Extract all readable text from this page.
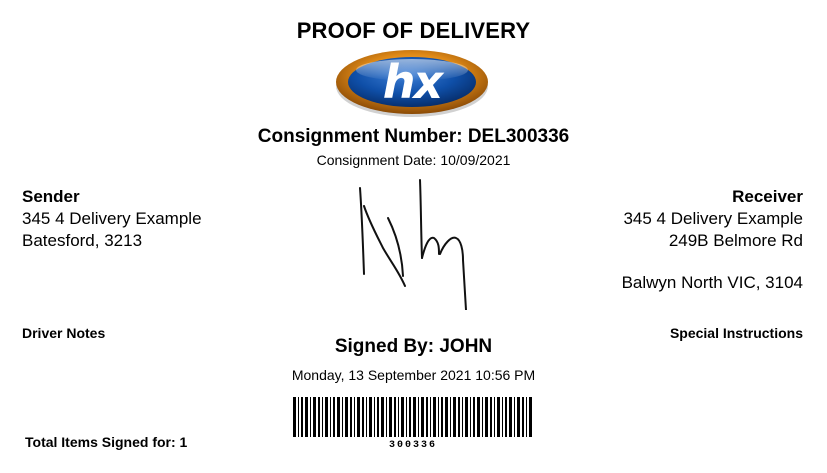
PROOF OF DELIVERY
hx
Consignment Number: DEL300336
Consignment Date: 10/09/2021
Sender
345 4 Delivery Example
Batesford, 3213
Receiver
345 4 Delivery Example
249B Belmore Rd
Balwyn North VIC, 3104
Driver Notes	Special Instructions
Signed By: JOHN
Monday, 13 September 2021 10:56 PM
300336
Total Items Signed for: 1
